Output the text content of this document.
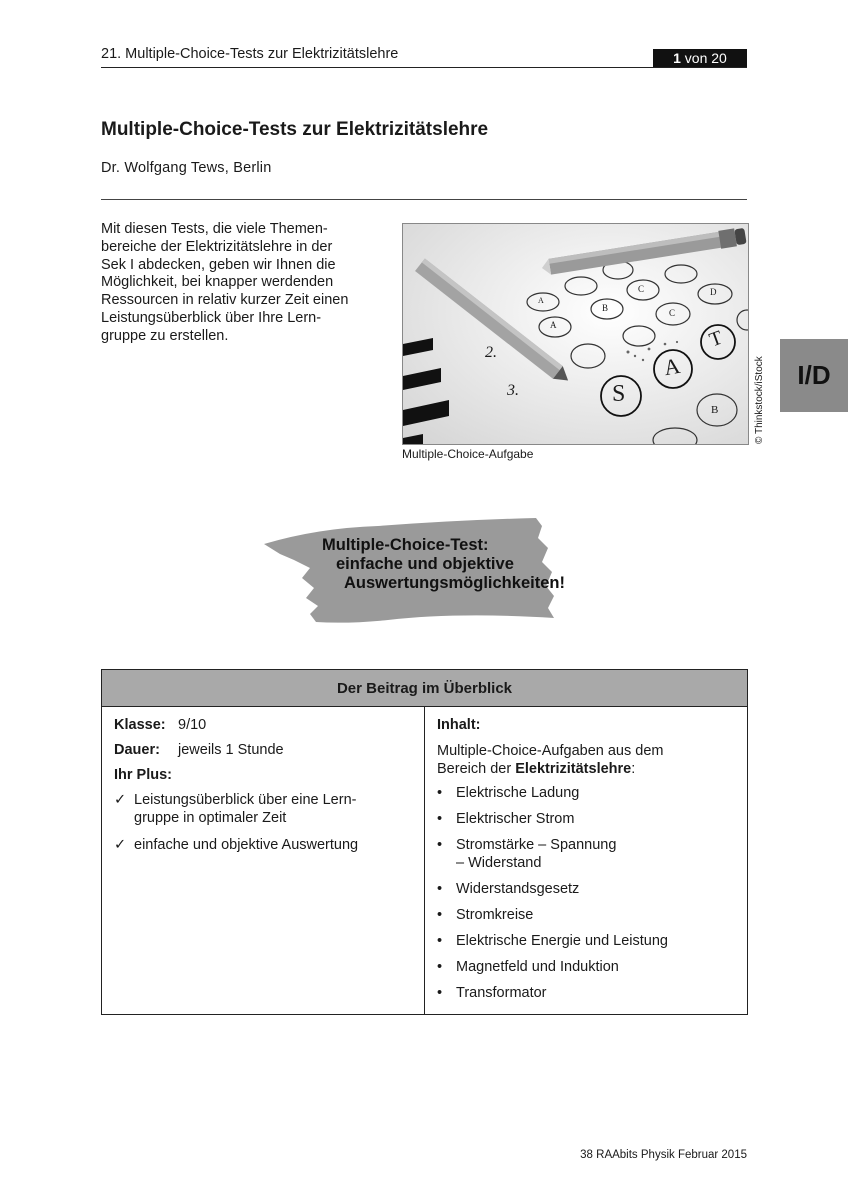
21. Multiple-Choice-Tests zur Elektrizitätslehre	1 von 20
Multiple-Choice-Tests zur Elektrizitätslehre
Dr. Wolfgang Tews, Berlin
Mit diesen Tests, die viele Themen-
bereiche der Elektrizitätslehre in der
Sek I abdecken, geben wir Ihnen die
Möglichkeit, bei knapper werdenden
Ressourcen in relativ kurzer Zeit einen
Leistungsüberblick über Ihre Lern-
gruppe zu erstellen.
S
A
T
A
B
C
B
A
C
D
2.
3.	© Thinkstock/iStock
Multiple-Choice-Aufgabe
I/D
Multiple-Choice-Test:
einfache und objektive
Auswertungsmöglichkeiten!
Der Beitrag im Überblick
Klasse: 9/10
Dauer: jeweils 1 Stunde
Ihr Plus:
✓ Leistungsüberblick über eine Lern-
gruppe in optimaler Zeit
✓ einfache und objektive Auswertung
Inhalt:
Multiple-Choice-Aufgaben aus dem
Bereich der Elektrizitätslehre:
• Elektrische Ladung
• Elektrischer Strom
• Stromstärke – Spannung
– Widerstand
• Widerstandsgesetz
• Stromkreise
• Elektrische Energie und Leistung
• Magnetfeld und Induktion
• Transformator
38 RAAbits Physik Februar 2015
